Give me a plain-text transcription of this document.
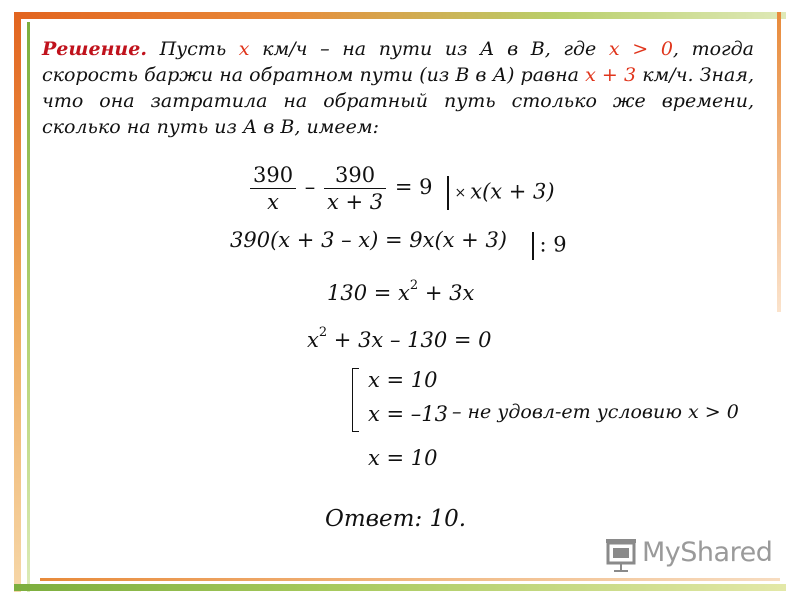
Решение. Пусть x км/ч – на пути из А в В, где x > 0, тогда скорость баржи на обратном пути (из В в А) равна x + 3 км/ч. Зная, что она затратила на обратный путь столько же времени, сколько на путь из А в В, имеем:

$\frac{390}{x} - \frac{390}{x + 3} = 9$	× x(x + 3)
390(x + 3 – x) = 9x(x + 3)	: 9
$130 = x^2 + 3x$
$x^2 + 3x - 130 = 0$
x = 10
x = –13 – не удовл-ет условию x > 0
x = 10
Ответ: 10.
MyShared
